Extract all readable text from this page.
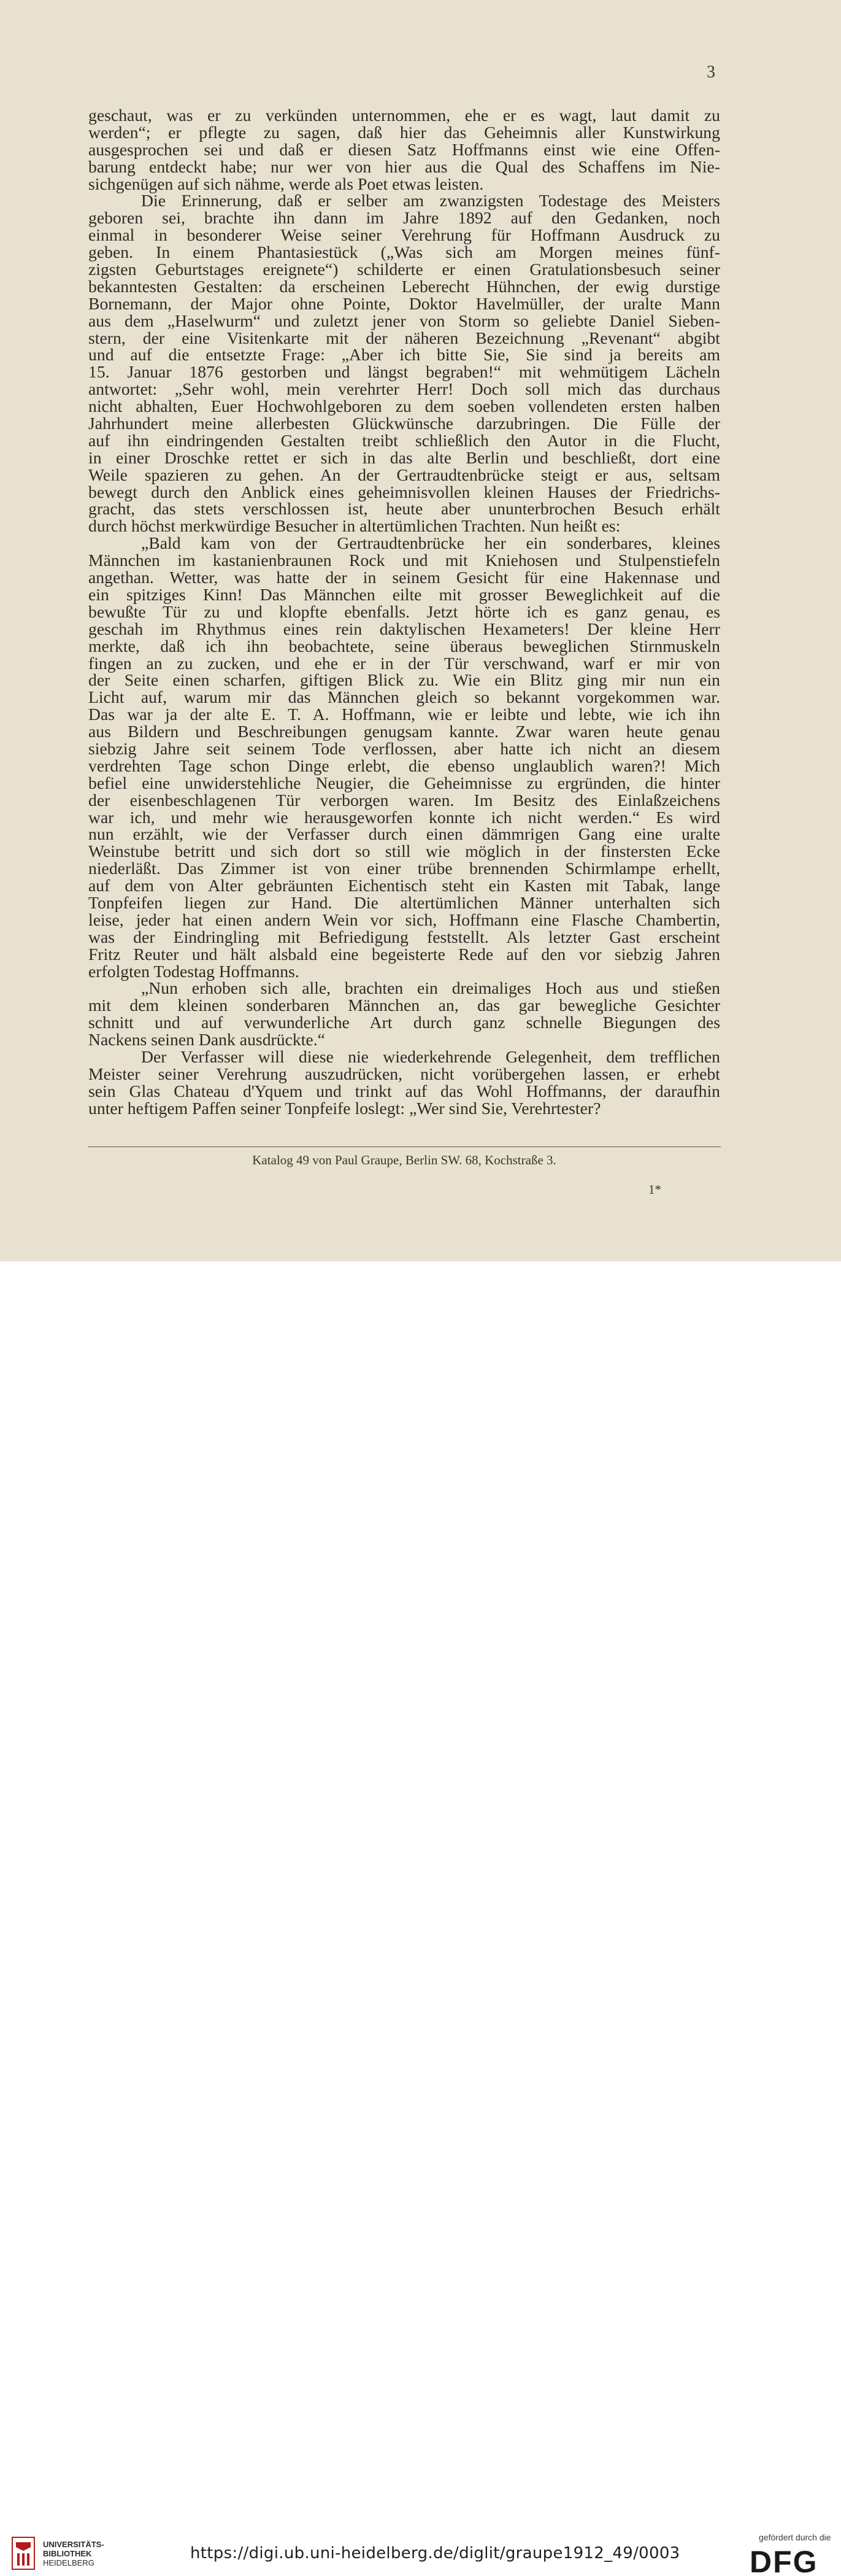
3
geschaut, was er zu verkünden unternommen, ehe er es wagt, laut damit zu
werden“; er pflegte zu sagen, daß hier das Geheimnis aller Kunstwirkung
ausgesprochen sei und daß er diesen Satz Hoffmanns einst wie eine Offen-
barung entdeckt habe; nur wer von hier aus die Qual des Schaffens im Nie-
sichgenügen auf sich nähme, werde als Poet etwas leisten.
Die Erinnerung, daß er selber am zwanzigsten Todestage des Meisters
geboren sei, brachte ihn dann im Jahre 1892 auf den Gedanken, noch
einmal in besonderer Weise seiner Verehrung für Hoffmann Ausdruck zu
geben. In einem Phantasiestück („Was sich am Morgen meines fünf-
zigsten Geburtstages ereignete“) schilderte er einen Gratulationsbesuch seiner
bekanntesten Gestalten: da erscheinen Leberecht Hühnchen, der ewig durstige
Bornemann, der Major ohne Pointe, Doktor Havelmüller, der uralte Mann
aus dem „Haselwurm“ und zuletzt jener von Storm so geliebte Daniel Sieben-
stern, der eine Visitenkarte mit der näheren Bezeichnung „Revenant“ abgibt
und auf die entsetzte Frage: „Aber ich bitte Sie, Sie sind ja bereits am
15. Januar 1876 gestorben und längst begraben!“ mit wehmütigem Lächeln
antwortet: „Sehr wohl, mein verehrter Herr! Doch soll mich das durchaus
nicht abhalten, Euer Hochwohlgeboren zu dem soeben vollendeten ersten halben
Jahrhundert meine allerbesten Glückwünsche darzubringen. Die Fülle der
auf ihn eindringenden Gestalten treibt schließlich den Autor in die Flucht,
in einer Droschke rettet er sich in das alte Berlin und beschließt, dort eine
Weile spazieren zu gehen. An der Gertraudtenbrücke steigt er aus, seltsam
bewegt durch den Anblick eines geheimnisvollen kleinen Hauses der Friedrichs-
gracht, das stets verschlossen ist, heute aber ununterbrochen Besuch erhält
durch höchst merkwürdige Besucher in altertümlichen Trachten. Nun heißt es:
„Bald kam von der Gertraudtenbrücke her ein sonderbares, kleines
Männchen im kastanienbraunen Rock und mit Kniehosen und Stulpenstiefeln
angethan. Wetter, was hatte der in seinem Gesicht für eine Hakennase und
ein spitziges Kinn! Das Männchen eilte mit grosser Beweglichkeit auf die
bewußte Tür zu und klopfte ebenfalls. Jetzt hörte ich es ganz genau, es
geschah im Rhythmus eines rein daktylischen Hexameters! Der kleine Herr
merkte, daß ich ihn beobachtete, seine überaus beweglichen Stirnmuskeln
fingen an zu zucken, und ehe er in der Tür verschwand, warf er mir von
der Seite einen scharfen, giftigen Blick zu. Wie ein Blitz ging mir nun ein
Licht auf, warum mir das Männchen gleich so bekannt vorgekommen war.
Das war ja der alte E. T. A. Hoffmann, wie er leibte und lebte, wie ich ihn
aus Bildern und Beschreibungen genugsam kannte. Zwar waren heute genau
siebzig Jahre seit seinem Tode verflossen, aber hatte ich nicht an diesem
verdrehten Tage schon Dinge erlebt, die ebenso unglaublich waren?! Mich
befiel eine unwiderstehliche Neugier, die Geheimnisse zu ergründen, die hinter
der eisenbeschlagenen Tür verborgen waren. Im Besitz des Einlaßzeichens
war ich, und mehr wie herausgeworfen konnte ich nicht werden.“ Es wird
nun erzählt, wie der Verfasser durch einen dämmrigen Gang eine uralte
Weinstube betritt und sich dort so still wie möglich in der finstersten Ecke
niederläßt. Das Zimmer ist von einer trübe brennenden Schirmlampe erhellt,
auf dem von Alter gebräunten Eichentisch steht ein Kasten mit Tabak, lange
Tonpfeifen liegen zur Hand. Die altertümlichen Männer unterhalten sich
leise, jeder hat einen andern Wein vor sich, Hoffmann eine Flasche Chambertin,
was der Eindringling mit Befriedigung feststellt. Als letzter Gast erscheint
Fritz Reuter und hält alsbald eine begeisterte Rede auf den vor siebzig Jahren
erfolgten Todestag Hoffmanns.
„Nun erhoben sich alle, brachten ein dreimaliges Hoch aus und stießen
mit dem kleinen sonderbaren Männchen an, das gar bewegliche Gesichter
schnitt und auf verwunderliche Art durch ganz schnelle Biegungen des
Nackens seinen Dank ausdrückte.“
Der Verfasser will diese nie wiederkehrende Gelegenheit, dem trefflichen
Meister seiner Verehrung auszudrücken, nicht vorübergehen lassen, er erhebt
sein Glas Chateau d'Yquem und trinkt auf das Wohl Hoffmanns, der daraufhin
unter heftigem Paffen seiner Tonpfeife loslegt: „Wer sind Sie, Verehrtester?
Katalog 49 von Paul Graupe, Berlin SW. 68, Kochstraße 3.
1*
UNIVERSITÄTS-
BIBLIOTHEK
HEIDELBERG
https://digi.ub.uni-heidelberg.de/diglit/graupe1912_49/0003
gefördert durch die
DFG
